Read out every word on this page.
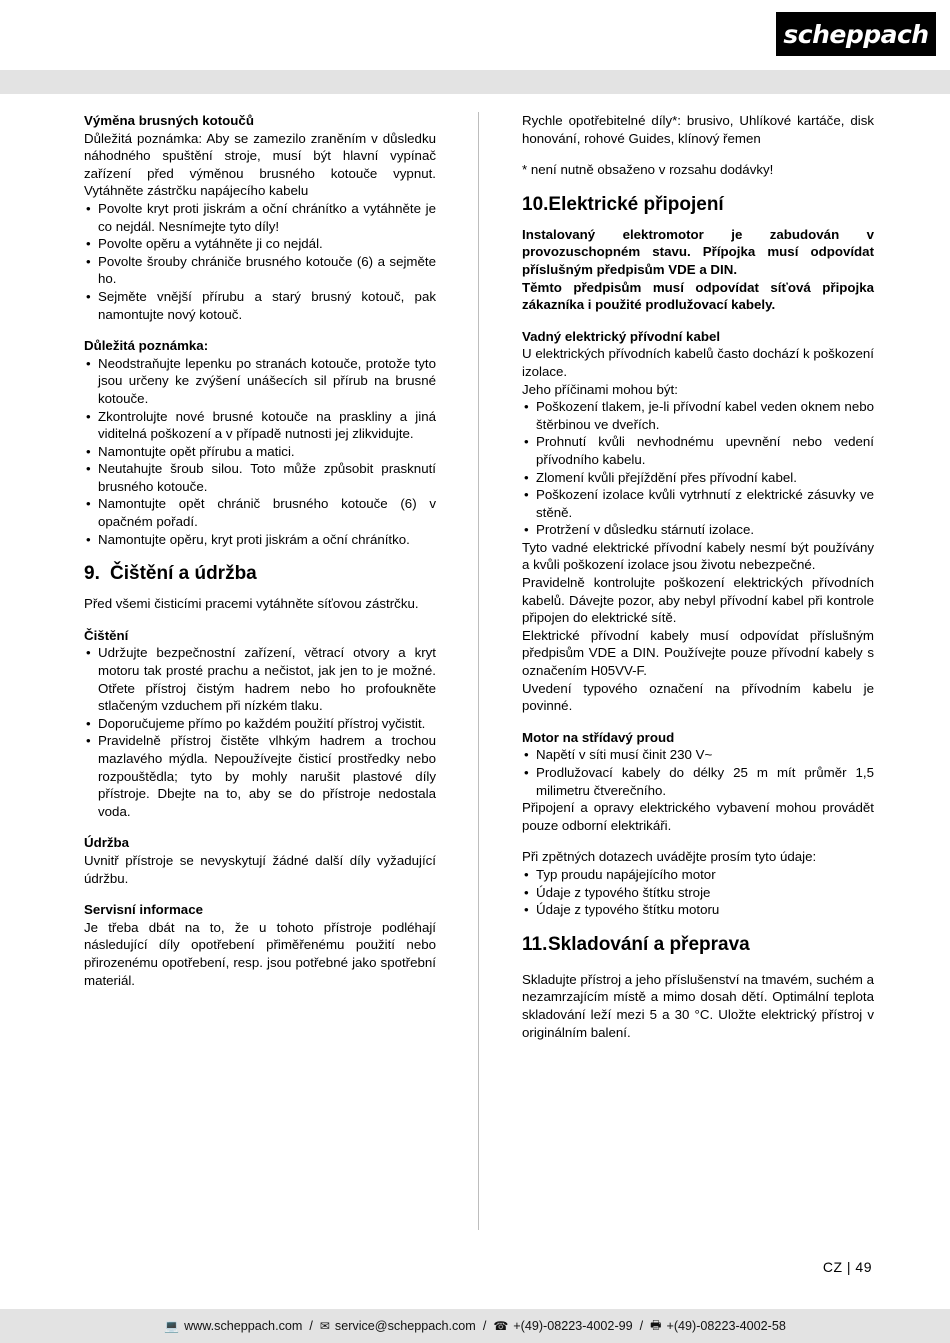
scheppach

Výměna brusných kotoučů

Důležitá poznámka: Aby se zamezilo zraněním v důsledku náhodného spuštění stroje, musí být hlavní vypínač zařízení před výměnou brusného kotouče vypnut. Vytáhněte zástrčku napájecího kabelu

• Povolte kryt proti jiskrám a oční chránítko a vytáhněte je co nejdál. Nesnímejte tyto díly!
• Povolte opěru a vytáhněte ji co nejdál.
• Povolte šrouby chrániče brusného kotouče (6) a sejměte ho.
• Sejměte vnější přírubu a starý brusný kotouč, pak namontujte nový kotouč.

Důležitá poznámka:

• Neodstraňujte lepenku po stranách kotouče, protože tyto jsou určeny ke zvýšení unášecích sil přírub na brusné kotouče.
• Zkontrolujte nové brusné kotouče na praskliny a jiná viditelná poškození a v případě nutnosti jej zlikvidujte.
• Namontujte opět přírubu a matici.
• Neutahujte šroub silou. Toto může způsobit prasknutí brusného kotouče.
• Namontujte opět chránič brusného kotouče (6) v opačném pořadí.
• Namontujte opěru, kryt proti jiskrám a oční chránítko.

9. Čištění a údržba

Před všemi čisticími pracemi vytáhněte síťovou zástrčku.

Čištění

• Udržujte bezpečnostní zařízení, větrací otvory a kryt motoru tak prosté prachu a nečistot, jak jen to je možné. Otřete přístroj čistým hadrem nebo ho profoukněte stlačeným vzduchem při nízkém tlaku.
• Doporučujeme přímo po každém použití přístroj vyčistit.
• Pravidelně přístroj čistěte vlhkým hadrem a trochou mazlavého mýdla. Nepoužívejte čisticí prostředky nebo rozpouštědla; tyto by mohly narušit plastové díly přístroje. Dbejte na to, aby se do přístroje nedostala voda.

Údržba

Uvnitř přístroje se nevyskytují žádné další díly vyžadující údržbu.

Servisní informace

Je třeba dbát na to, že u tohoto přístroje podléhají následující díly opotřebení přiměřenému použití nebo přirozenému opotřebení, resp. jsou potřebné jako spotřební materiál.

Rychle opotřebitelné díly*: brusivo, Uhlíkové kartáče, disk honování, rohové Guides, klínový řemen

* není nutně obsaženo v rozsahu dodávky!

10.Elektrické připojení

Instalovaný elektromotor je zabudován v provozuschopném stavu. Přípojka musí odpovídat příslušným předpisům VDE a DIN.

Těmto předpisům musí odpovídat síťová připojka zákazníka i použité prodlužovací kabely.

Vadný elektrický přívodní kabel

U elektrických přívodních kabelů často dochází k poškození izolace.

Jeho příčinami mohou být:

• Poškození tlakem, je-li přívodní kabel veden oknem nebo štěrbinou ve dveřích.
• Prohnutí kvůli nevhodnému upevnění nebo vedení přívodního kabelu.
• Zlomení kvůli přejíždění přes přívodní kabel.
• Poškození izolace kvůli vytrhnutí z elektrické zásuvky ve stěně.
• Protržení v důsledku stárnutí izolace.

Tyto vadné elektrické přívodní kabely nesmí být používány a kvůli poškození izolace jsou životu nebezpečné.

Pravidelně kontrolujte poškození elektrických přívodních kabelů. Dávejte pozor, aby nebyl přívodní kabel při kontrole připojen do elektrické sítě.

Elektrické přívodní kabely musí odpovídat příslušným předpisům VDE a DIN. Používejte pouze přívodní kabely s označením H05VV-F.

Uvedení typového označení na přívodním kabelu je povinné.

Motor na střídavý proud

• Napětí v síti musí činit 230 V~
• Prodlužovací kabely do délky 25 m mít průměr 1,5 milimetru čtverečního.

Připojení a opravy elektrického vybavení mohou provádět pouze odborní elektrikáři.

Při zpětných dotazech uvádějte prosím tyto údaje:

• Typ proudu napájejícího motor
• Údaje z typového štítku stroje
• Údaje z typového štítku motoru

11.Skladování a přeprava

Skladujte přístroj a jeho příslušenství na tmavém, suchém a nezamrzajícím místě a mimo dosah dětí. Optimální teplota skladování leží mezi 5 a 30 °C. Uložte elektrický přístroj v originálním balení.

CZ | 49
💻 www.scheppach.com / ✉ service@scheppach.com / ☎ +(49)-08223-4002-99 / 🖶 +(49)-08223-4002-58
